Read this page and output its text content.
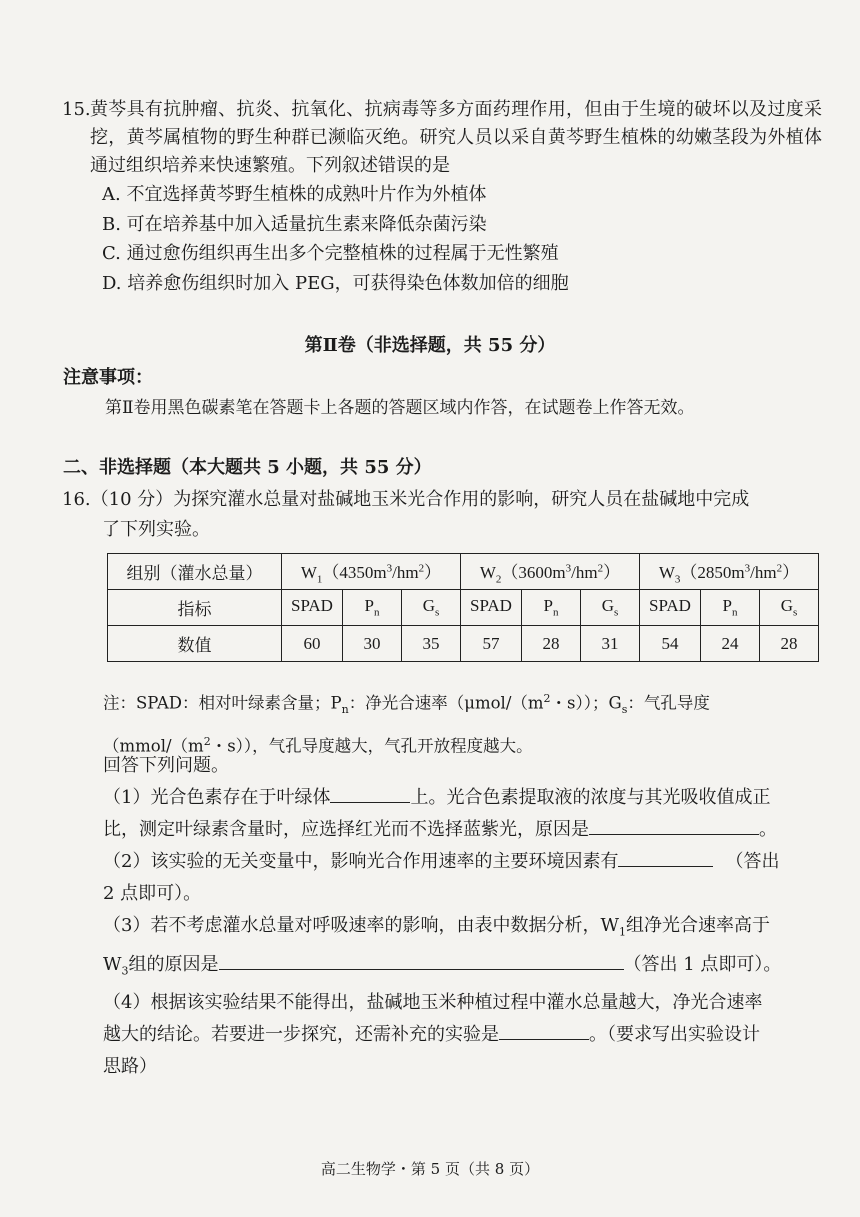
15. 黄芩具有抗肿瘤、抗炎、抗氧化、抗病毒等多方面药理作用，但由于生境的破坏以及过度采挖，黄芩属植物的野生种群已濒临灭绝。研究人员以采自黄芩野生植株的幼嫩茎段为外植体通过组织培养来快速繁殖。下列叙述错误的是
A. 不宜选择黄芩野生植株的成熟叶片作为外植体
B. 可在培养基中加入适量抗生素来降低杂菌污染
C. 通过愈伤组织再生出多个完整植株的过程属于无性繁殖
D. 培养愈伤组织时加入 PEG，可获得染色体数加倍的细胞
第Ⅱ卷（非选择题，共 55 分）
注意事项：
第Ⅱ卷用黑色碳素笔在答题卡上各题的答题区域内作答，在试题卷上作答无效。
二、非选择题（本大题共 5 小题，共 55 分）
16.（10 分）为探究灌水总量对盐碱地玉米光合作用的影响，研究人员在盐碱地中完成
了下列实验。
组别（灌水总量）	$W_1(4350m^3/hm^2)$			$W_2(3600m^3/hm^2)$			$W_3(2850m^3/hm^2)$		
指标	SPAD	$P_n$	$G_s$	SPAD	$P_n$	$G_s$	SPAD	$P_n$	$G_s$
数值	60	30	35	57	28	31	54	24	28
注：SPAD：相对叶绿素含量；$P_n$：净光合速率（$\mu mol/(m^2$・s））；$G_s$：气孔导度
（$mmol/(m^2$・s）），气孔导度越大，气孔开放程度越大。

回答下列问题。

（1）光合色素存在于叶绿体	上。光合色素提取液的浓度与其光吸收值成正

比，测定叶绿素含量时，应选择红光而不选择蓝紫光，原因是	。

（2）该实验的无关变量中，影响光合作用速率的主要环境因素有	（答出

2 点即可）。

（3）若不考虑灌水总量对呼吸速率的影响，由表中数据分析，$W_1$组净光合速率高于

$W_3$组的原因是	（答出 1 点即可）。

（4）根据该实验结果不能得出，盐碱地玉米种植过程中灌水总量越大，净光合速率

越大的结论。若要进一步探究，还需补充的实验是	。（要求写出实验设计

思路）

高二生物学・第 5 页（共 8 页）
